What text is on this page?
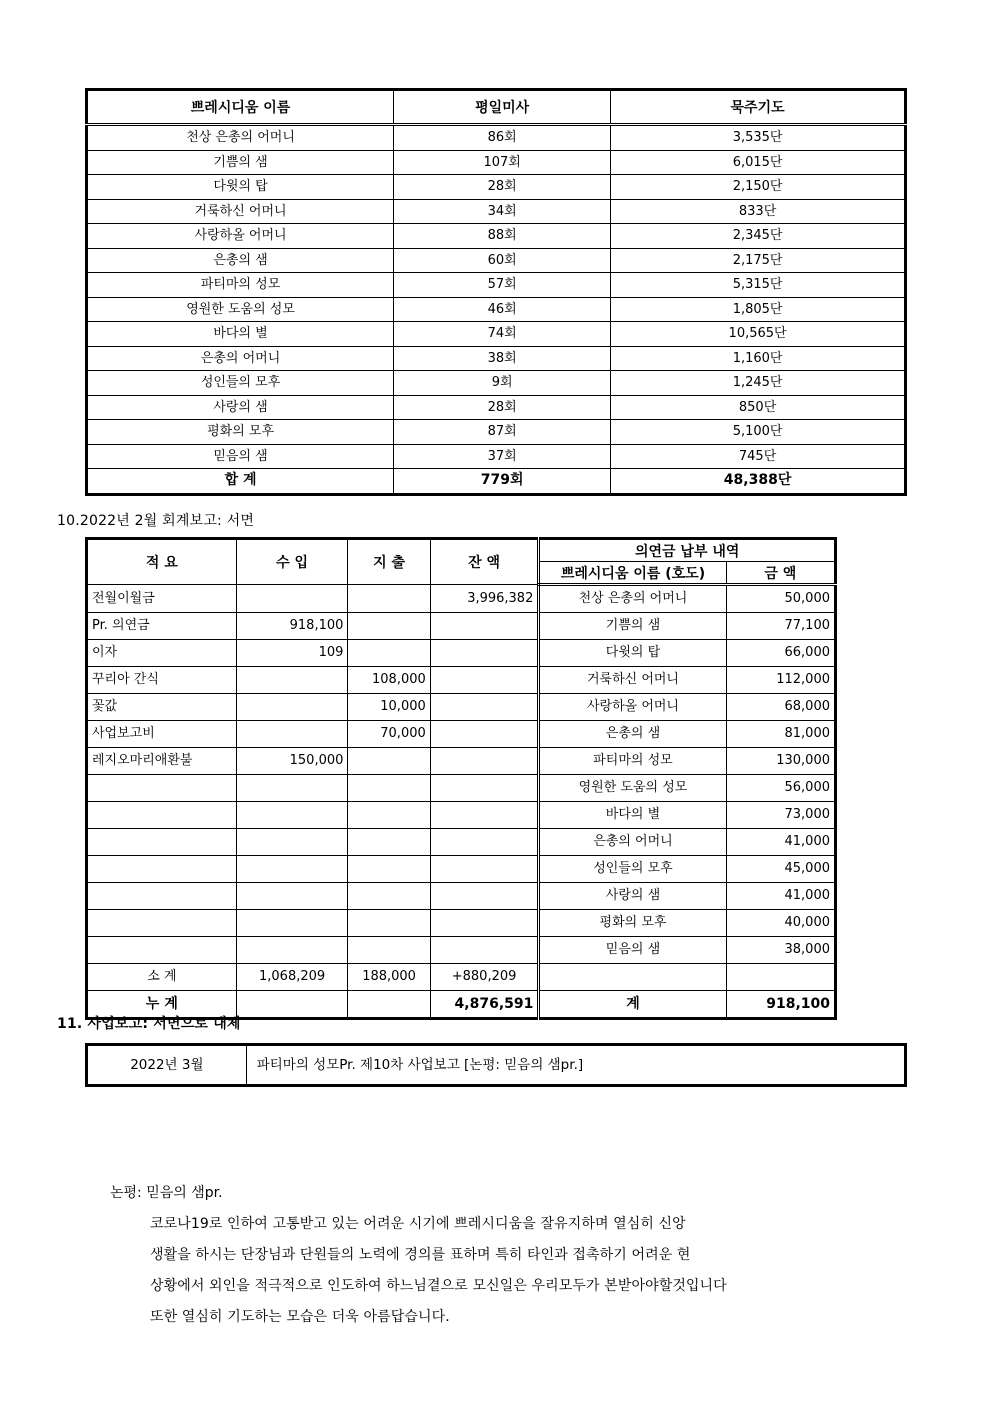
쁘레시디움 이름	평일미사	묵주기도
천상 은총의 어머니	86회	3,535단
기쁨의 샘	107회	6,015단
다윗의 탑	28회	2,150단
거룩하신 어머니	34회	833단
사랑하올 어머니	88회	2,345단
은총의 샘	60회	2,175단
파티마의 성모	57회	5,315단
영원한 도움의 성모	46회	1,805단
바다의 별	74회	10,565단
은총의 어머니	38회	1,160단
성인들의 모후	9회	1,245단
사랑의 샘	28회	850단
평화의 모후	87회	5,100단
믿음의 샘	37회	745단
합 계	779회	48,388단
10.2022년 2월 회계보고: 서면
적 요	수 입	지 출	잔 액	의연금 납부 내역	
				쁘레시디움 이름 (호도)	금 액
전월이월금			3,996,382	천상 은총의 어머니	50,000
Pr. 의연금	918,100			기쁨의 샘	77,100
이자	109			다윗의 탑	66,000
꾸리아 간식		108,000		거룩하신 어머니	112,000
꽃값		10,000		사랑하올 어머니	68,000
사업보고비		70,000		은총의 샘	81,000
레지오마리애환불	150,000			파티마의 성모	130,000
				영원한 도움의 성모	56,000
				바다의 별	73,000
				은총의 어머니	41,000
				성인들의 모후	45,000
				사랑의 샘	41,000
				평화의 모후	40,000
				믿음의 샘	38,000
소 계	1,068,209	188,000	+880,209		
누 계			4,876,591	계	918,100
11. 사업보고: 서면으로 대체
2022년 3월	파티마의 성모Pr. 제10차 사업보고 [논평: 믿음의 샘pr.]
논평: 믿음의 샘pr.
코로나19로 인하여 고통받고 있는 어려운 시기에 쁘레시디움을 잘유지하며 열심히 신앙
생활을 하시는 단장님과 단원들의 노력에 경의를 표하며 특히 타인과 접촉하기 어려운 현
상황에서 외인을 적극적으로 인도하여 하느님곁으로 모신일은 우리모두가 본받아야할것입니다
또한 열심히 기도하는 모습은 더욱 아름답습니다.
